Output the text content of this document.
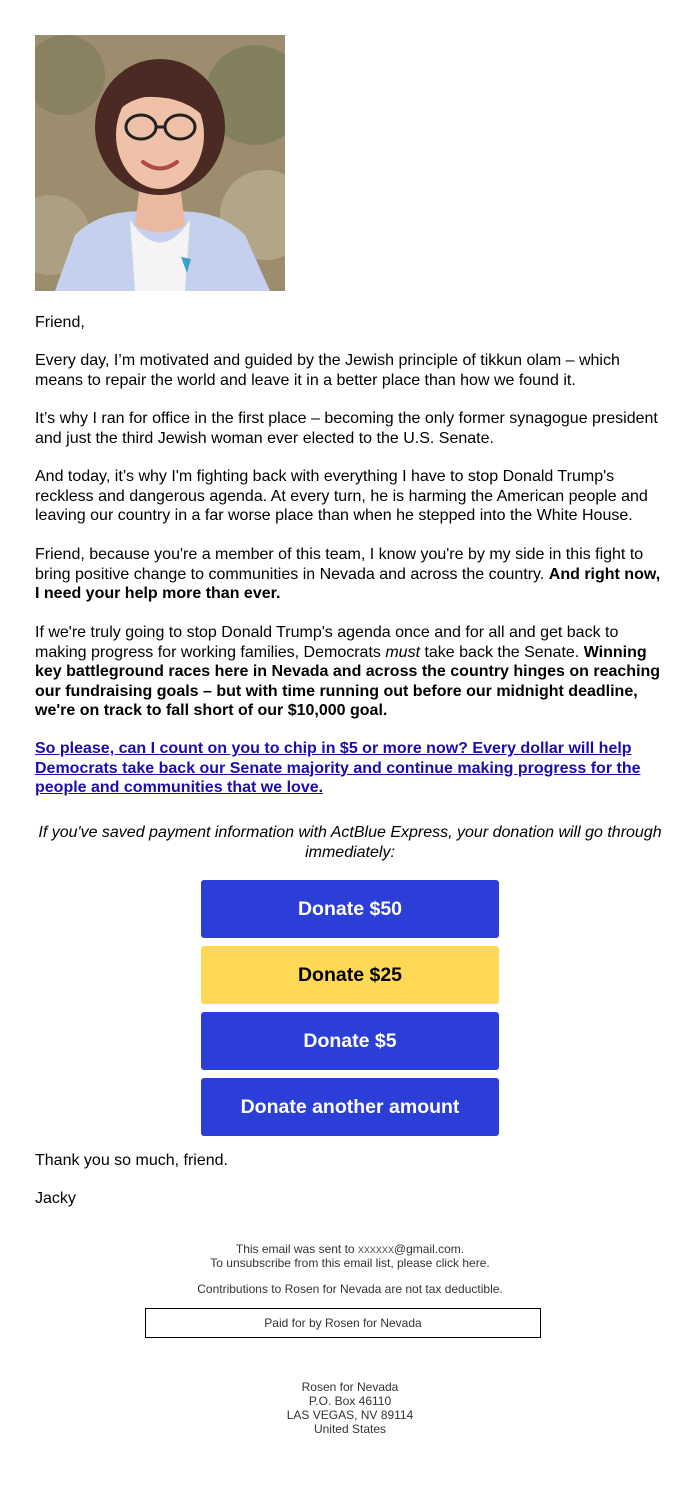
Friend,

Every day, I’m motivated and guided by the Jewish principle of tikkun olam – which means to repair the world and leave it in a better place than how we found it.

It’s why I ran for office in the first place – becoming the only former synagogue president and just the third Jewish woman ever elected to the U.S. Senate.

And today, it’s why I'm fighting back with everything I have to stop Donald Trump's reckless and dangerous agenda. At every turn, he is harming the American people and leaving our country in a far worse place than when he stepped into the White House.

Friend, because you're a member of this team, I know you're by my side in this fight to bring positive change to communities in Nevada and across the country. And right now, I need your help more than ever.

If we're truly going to stop Donald Trump's agenda once and for all and get back to making progress for working families, Democrats must take back the Senate. Winning key battleground races here in Nevada and across the country hinges on reaching our fundraising goals – but with time running out before our midnight deadline, we're on track to fall short of our $10,000 goal.

So please, can I count on you to chip in $5 or more now? Every dollar will help Democrats take back our Senate majority and continue making progress for the people and communities that we love.

If you've saved payment information with ActBlue Express, your donation will go through immediately:

Donate $50
Donate $25
Donate $5
Donate another amount

Thank you so much, friend.

Jacky

This email was sent to xxxxxx@gmail.com.
To unsubscribe from this email list, please click here.
Contributions to Rosen for Nevada are not tax deductible.
Paid for by Rosen for Nevada
Rosen for Nevada
P.O. Box 46110
LAS VEGAS, NV 89114
United States
